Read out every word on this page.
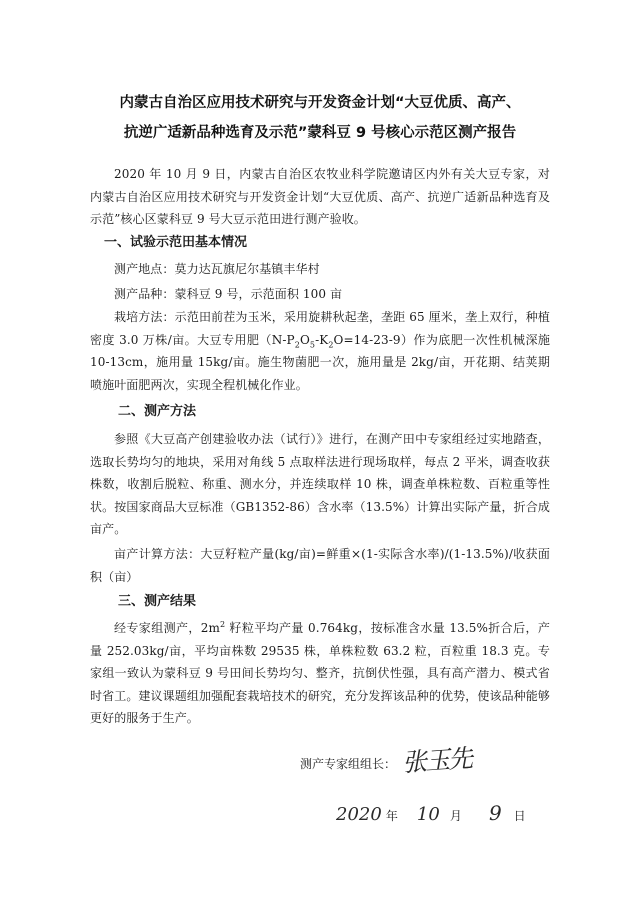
内蒙古自治区应用技术研究与开发资金计划“大豆优质、高产、
抗逆广适新品种选育及示范”蒙科豆 9 号核心示范区测产报告
2020 年 10 月 9 日，内蒙古自治区农牧业科学院邀请区内外有关大豆专家，对内蒙古自治区应用技术研究与开发资金计划“大豆优质、高产、抗逆广适新品种选育及示范”核心区蒙科豆 9 号大豆示范田进行测产验收。
一、试验示范田基本情况
测产地点：莫力达瓦旗尼尔基镇丰华村
测产品种：蒙科豆 9 号，示范面积 100 亩
栽培方法：示范田前茬为玉米，采用旋耕秋起垄，垄距 65 厘米，垄上双行，种植密度 3.0 万株/亩。大豆专用肥$(N-P_2O_5-K_2O=14-23-9)$作为底肥一次性机械深施 10-13cm，施用量 15kg/亩。施生物菌肥一次，施用量是 2kg/亩，开花期、结荚期喷施叶面肥两次，实现全程机械化作业。
二、测产方法
参照《大豆高产创建验收办法（试行）》进行，在测产田中专家组经过实地踏查，选取长势均匀的地块，采用对角线 5 点取样法进行现场取样，每点 2 平米，调查收获株数，收割后脱粒、称重、测水分，并连续取样 10 株，调查单株粒数、百粒重等性状。按国家商品大豆标准（GB1352-86）含水率（13.5%）计算出实际产量，折合成亩产。
亩产计算方法：大豆籽粒产量(kg/亩)=鲜重×(1-实际含水率)/(1-13.5%)/收获面积（亩）
三、测产结果
经专家组测产，$2m^2$ 籽粒平均产量 0.764kg，按标准含水量 13.5%折合后，产量 252.03kg/亩，平均亩株数 29535 株，单株粒数 63.2 粒，百粒重 18.3 克。专家组一致认为蒙科豆 9 号田间长势均匀、整齐，抗倒伏性强，具有高产潜力、模式省时省工。建议课题组加强配套栽培技术的研究，充分发挥该品种的优势，使该品种能够更好的服务于生产。
测产专家组组长： 张玉先
2020 年 10 月 9 日
